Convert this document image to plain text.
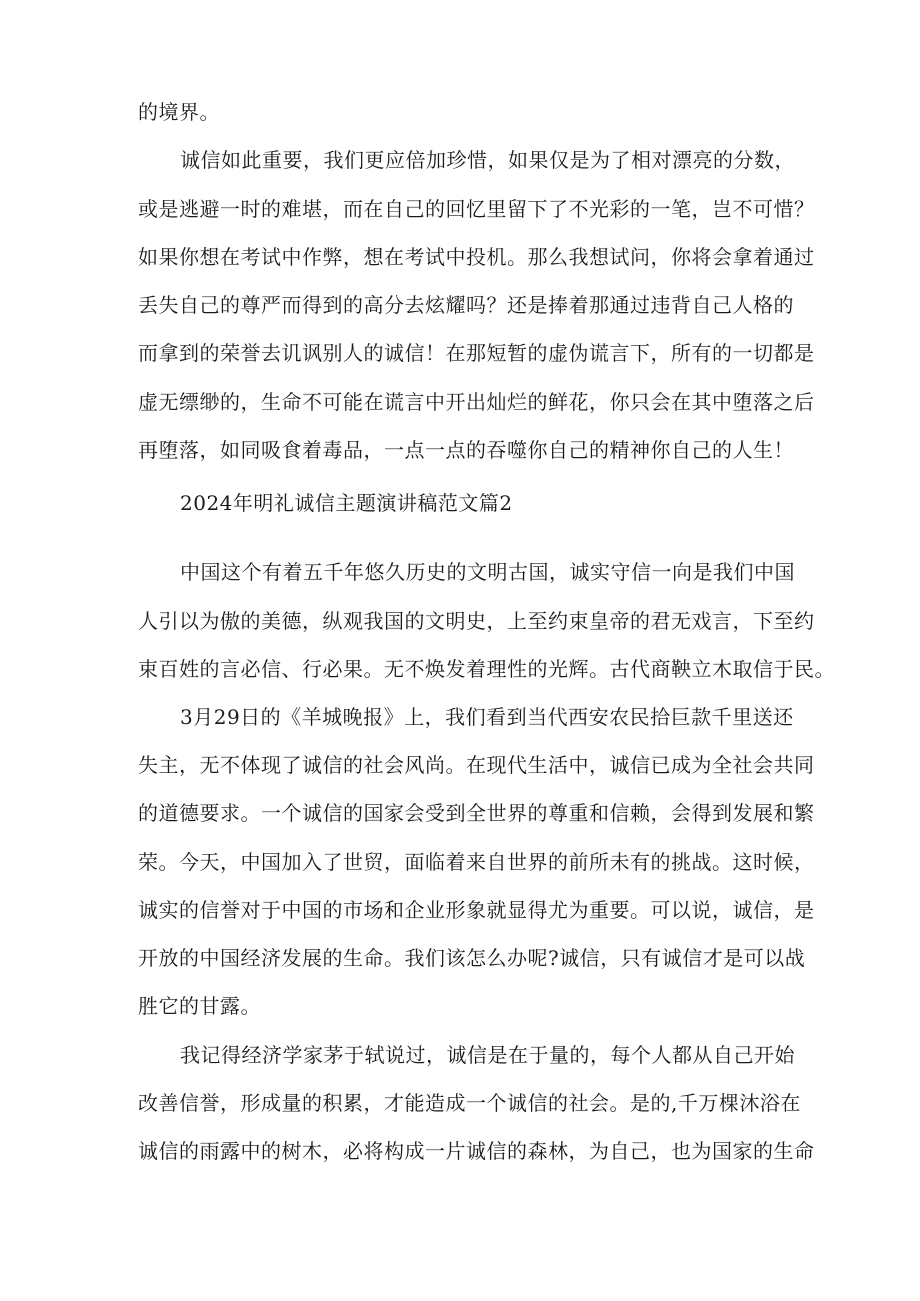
的境界。
诚信如此重要，我们更应倍加珍惜，如果仅是为了相对漂亮的分数，
或是逃避一时的难堪，而在自己的回忆里留下了不光彩的一笔，岂不可惜？
如果你想在考试中作弊，想在考试中投机。那么我想试问，你将会拿着通过
丢失自己的尊严而得到的高分去炫耀吗？还是捧着那通过违背自己人格的
而拿到的荣誉去讥讽别人的诚信！在那短暂的虚伪谎言下，所有的一切都是
虚无缥缈的，生命不可能在谎言中开出灿烂的鲜花，你只会在其中堕落之后
再堕落，如同吸食着毒品，一点一点的吞噬你自己的精神你自己的人生！
2024年明礼诚信主题演讲稿范文篇2
中国这个有着五千年悠久历史的文明古国，诚实守信一向是我们中国
人引以为傲的美德，纵观我国的文明史，上至约束皇帝的君无戏言，下至约
束百姓的言必信、行必果。无不焕发着理性的光辉。古代商鞅立木取信于民。
3月29日的《羊城晚报》上，我们看到当代西安农民拾巨款千里送还
失主，无不体现了诚信的社会风尚。在现代生活中，诚信已成为全社会共同
的道德要求。一个诚信的国家会受到全世界的尊重和信赖，会得到发展和繁
荣。今天，中国加入了世贸，面临着来自世界的前所未有的挑战。这时候，
诚实的信誉对于中国的市场和企业形象就显得尤为重要。可以说，诚信，是
开放的中国经济发展的生命。我们该怎么办呢?诚信，只有诚信才是可以战
胜它的甘露。
我记得经济学家茅于轼说过，诚信是在于量的，每个人都从自己开始
改善信誉，形成量的积累，才能造成一个诚信的社会。是的,千万棵沐浴在
诚信的雨露中的树木，必将构成一片诚信的森林，为自己，也为国家的生命
